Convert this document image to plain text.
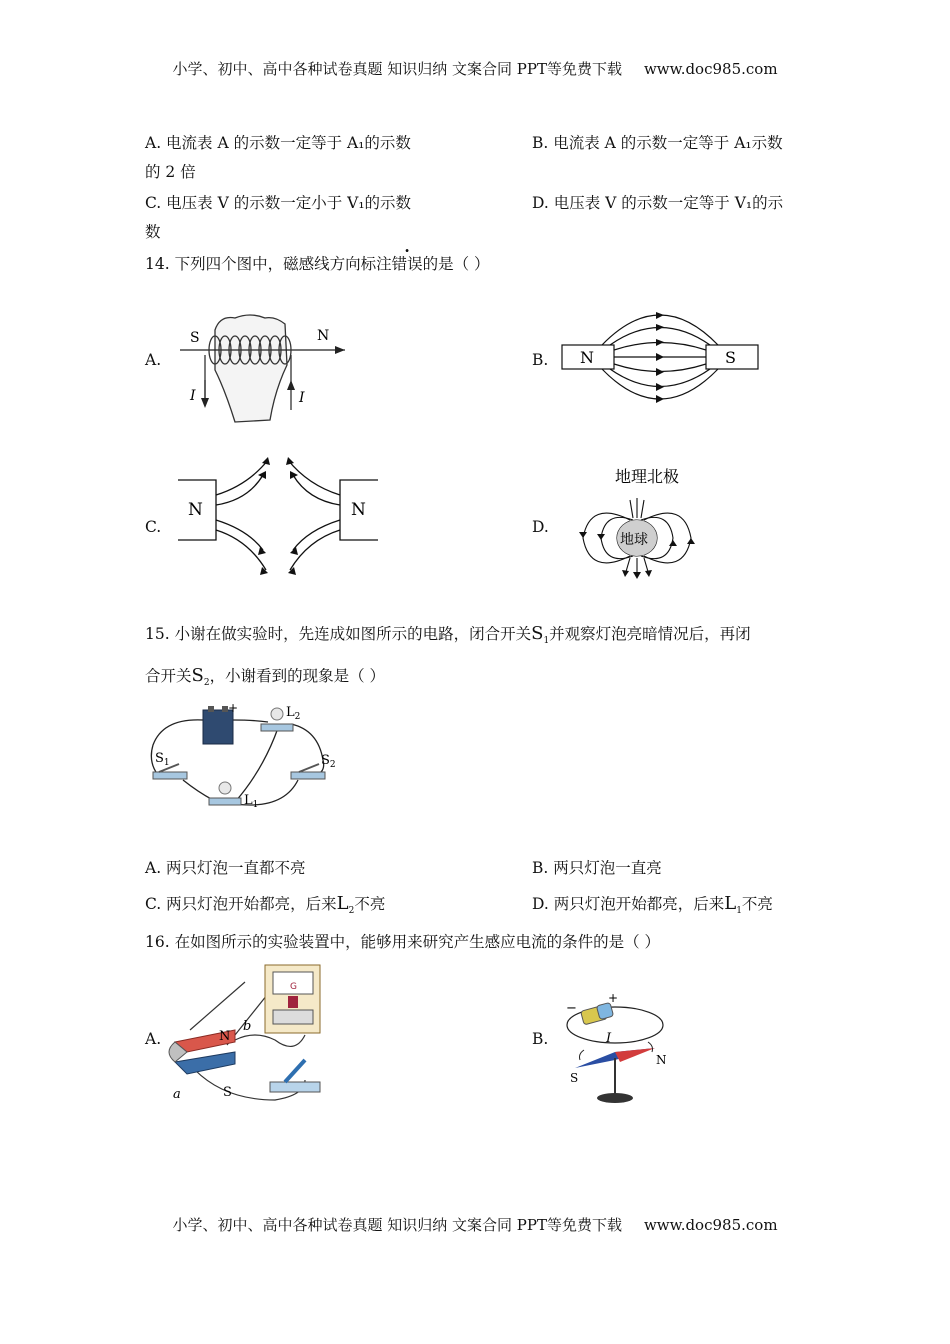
小学、初中、高中各种试卷真题 知识归纳 文案合同 PPT等免费下载 www.doc985.com
A. 电流表 A 的示数一定等于 A₁的示数	B. 电流表 A 的示数一定等于 A₁示数
的 2 倍
C. 电压表 V 的示数一定小于 V₁的示数	D. 电压表 V 的示数一定等于 V₁的示
数
14. 下列四个图中，磁感线方向标注错误的是（ ）
A.	B.
C.	D.
S	N
I	I
N	S
N	N
地理北极
地球
15. 小谢在做实验时，先连成如图所示的电路，闭合开关$S_1$并观察灯泡亮暗情况后，再闭
合开关$S_2$，小谢看到的现象是（ ）
+	$L_2$
$L_1$
$S_1$	$S_2$
A. 两只灯泡一直都不亮	B. 两只灯泡一直亮
C. 两只灯泡开始都亮，后来$L_2$不亮	D. 两只灯泡开始都亮，后来$L_1$不亮
16. 在如图所示的实验装置中，能够用来研究产生感应电流的条件的是（ ）
A.	B.
G
N
S
a
b
−
+
I
S
N
小学、初中、高中各种试卷真题 知识归纳 文案合同 PPT等免费下载 www.doc985.com
